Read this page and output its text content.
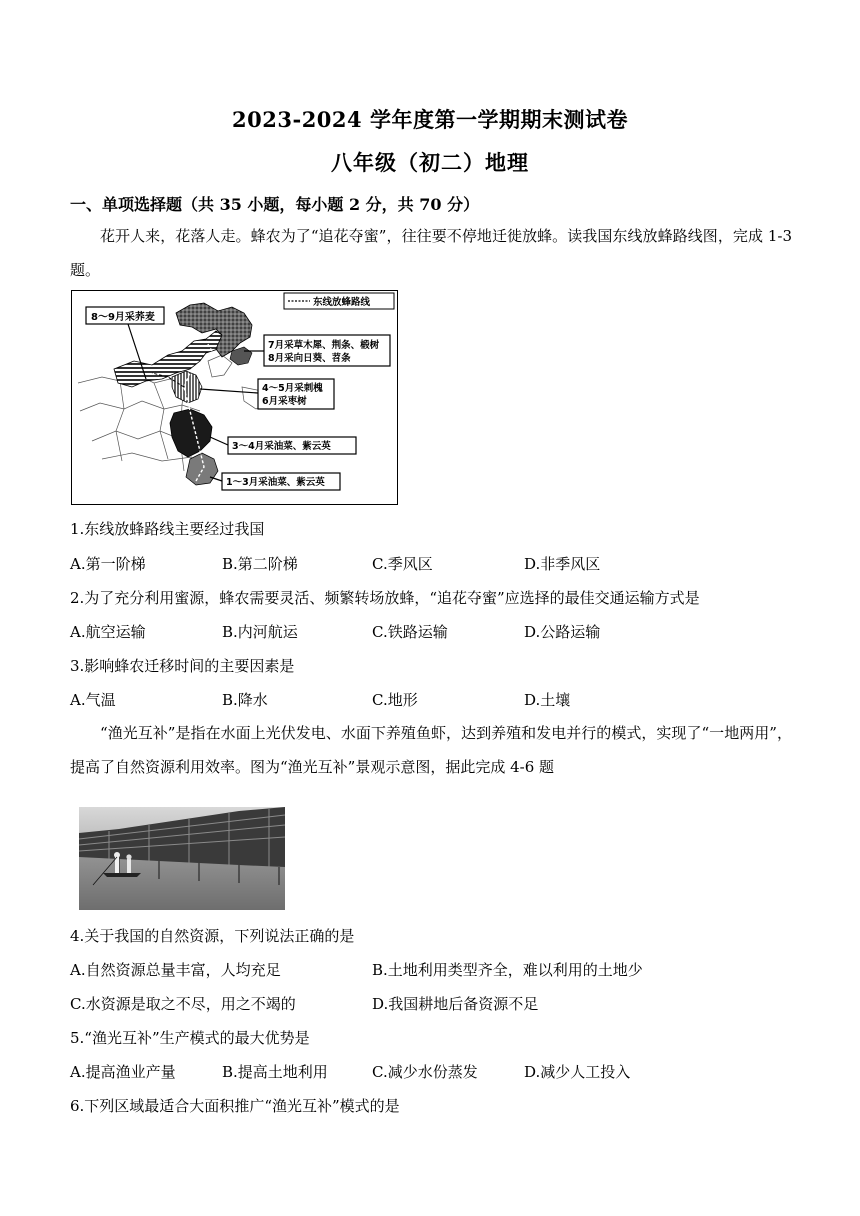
2023-2024 学年度第一学期期末测试卷
八年级（初二）地理
一、单项选择题（共 35 小题，每小题 2 分，共 70 分）
花开人来，花落人走。蜂农为了“追花夺蜜”，往往要不停地迁徙放蜂。读我国东线放蜂路线图，完成 1-3 题。
东线放蜂路线
8～9月采荞麦
7月采草木犀、荆条、椴树
8月采向日葵、苕条
4～5月采刺槐
6月采枣树
3～4月采油菜、紫云英
1～3月采油菜、紫云英
1.东线放蜂路线主要经过我国
A.第一阶梯	B.第二阶梯	C.季风区	D.非季风区
2.为了充分利用蜜源，蜂农需要灵活、频繁转场放蜂，“追花夺蜜”应选择的最佳交通运输方式是
A.航空运输	B.内河航运	C.铁路运输	D.公路运输
3.影响蜂农迁移时间的主要因素是
A.气温	B.降水	C.地形	D.土壤
“渔光互补”是指在水面上光伏发电、水面下养殖鱼虾，达到养殖和发电并行的模式，实现了“一地两用”，提高了自然资源利用效率。图为“渔光互补”景观示意图，据此完成 4-6 题
4.关于我国的自然资源，下列说法正确的是
A.自然资源总量丰富，人均充足	B.土地利用类型齐全，难以利用的土地少
C.水资源是取之不尽，用之不竭的	D.我国耕地后备资源不足
5.“渔光互补”生产模式的最大优势是
A.提高渔业产量	B.提高土地利用	C.减少水份蒸发	D.减少人工投入
6.下列区域最适合大面积推广“渔光互补”模式的是
